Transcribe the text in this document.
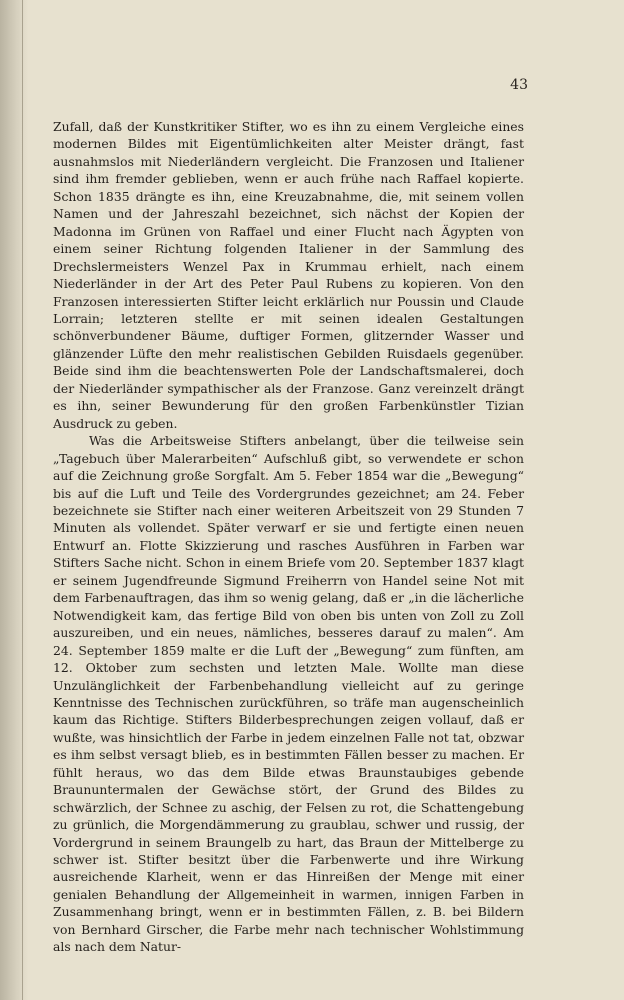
43

Zufall, daß der Kunstkritiker Stifter, wo es ihn zu einem Vergleiche eines modernen Bildes mit Eigentümlichkeiten alter Meister drängt, fast ausnahmslos mit Niederländern vergleicht. Die Franzosen und Italiener sind ihm fremder geblieben, wenn er auch frühe nach Raffael kopierte. Schon 1835 drängte es ihn, eine Kreuzabnahme, die, mit seinem vollen Namen und der Jahreszahl bezeichnet, sich nächst der Kopien der Madonna im Grünen von Raffael und einer Flucht nach Ägypten von einem seiner Richtung folgenden Italiener in der Sammlung des Drechslermeisters Wenzel Pax in Krummau erhielt, nach einem Niederländer in der Art des Peter Paul Rubens zu kopieren. Von den Franzosen interessierten Stifter leicht erklärlich nur Poussin und Claude Lorrain; letzteren stellte er mit seinen idealen Gestaltungen schönverbundener Bäume, duftiger Formen, glitzernder Wasser und glänzender Lüfte den mehr realistischen Gebilden Ruisdaels gegenüber. Beide sind ihm die beachtenswerten Pole der Landschaftsmalerei, doch der Niederländer sympathischer als der Franzose. Ganz vereinzelt drängt es ihn, seiner Bewunderung für den großen Farbenkünstler Tizian Ausdruck zu geben.

Was die Arbeitsweise Stifters anbelangt, über die teilweise sein „Tagebuch über Malerarbeiten“ Aufschluß gibt, so verwendete er schon auf die Zeichnung große Sorgfalt. Am 5. Feber 1854 war die „Bewegung“ bis auf die Luft und Teile des Vordergrundes gezeichnet; am 24. Feber bezeichnete sie Stifter nach einer weiteren Arbeitszeit von 29 Stunden 7 Minuten als vollendet. Später verwarf er sie und fertigte einen neuen Entwurf an. Flotte Skizzierung und rasches Ausführen in Farben war Stifters Sache nicht. Schon in einem Briefe vom 20. September 1837 klagt er seinem Jugendfreunde Sigmund Freiherrn von Handel seine Not mit dem Farbenauftragen, das ihm so wenig gelang, daß er „in die lächerliche Notwendigkeit kam, das fertige Bild von oben bis unten von Zoll zu Zoll auszureiben, und ein neues, nämliches, besseres darauf zu malen“. Am 24. September 1859 malte er die Luft der „Bewegung“ zum fünften, am 12. Oktober zum sechsten und letzten Male. Wollte man diese Unzulänglichkeit der Farbenbehandlung vielleicht auf zu geringe Kenntnisse des Technischen zurückführen, so träfe man augenscheinlich kaum das Richtige. Stifters Bilderbesprechungen zeigen vollauf, daß er wußte, was hinsichtlich der Farbe in jedem einzelnen Falle not tat, obzwar es ihm selbst versagt blieb, es in bestimmten Fällen besser zu machen. Er fühlt heraus, wo das dem Bilde etwas Braunstaubiges gebende Braununtermalen der Gewächse stört, der Grund des Bildes zu schwärzlich, der Schnee zu aschig, der Felsen zu rot, die Schattengebung zu grünlich, die Morgendämmerung zu graublau, schwer und russig, der Vordergrund in seinem Braungelb zu hart, das Braun der Mittelberge zu schwer ist. Stifter besitzt über die Farbenwerte und ihre Wirkung ausreichende Klarheit, wenn er das Hinreißen der Menge mit einer genialen Behandlung der Allgemeinheit in warmen, innigen Farben in Zusammenhang bringt, wenn er in bestimmten Fällen, z. B. bei Bildern von Bernhard Girscher, die Farbe mehr nach technischer Wohlstimmung als nach dem Natur-
